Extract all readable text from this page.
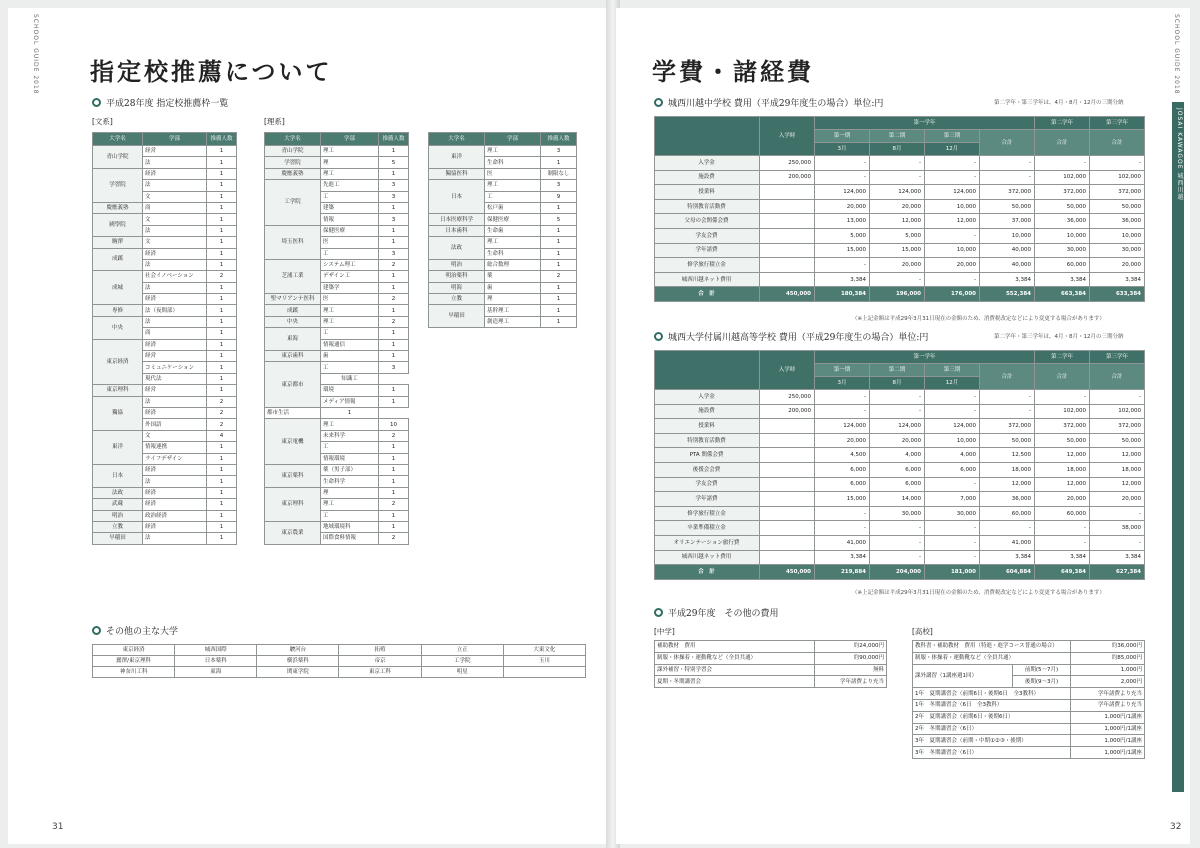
SCHOOL GUIDE 2018 指定校推薦について
平成28年度 指定校推薦枠一覧
[文系]	[理系]
大学名	学部	推薦人数
青山学院	経営	1
	法	1
学習院	経済	1
	法	1
	文	1
慶應義塾	商	1
國學院	文	1
	法	1
駒澤	文	1
成蹊	経済	1
	法	1
成城	社会イノベーション	2
	法	1
	経済	1
専修	法（夜間部）	1
中央	法	1
	商	1
東京経済	経済	1
	経営	1
	コミュニケーション	1
	現代法	1
東京理科	経営	1
獨協	法	2
	経済	2
	外国語	2
東洋	文	4
	情報連携	1
	ライフデザイン	1
日本	経済	1
	法	1
法政	経済	1
武蔵	経済	1
明治	政治経済	1
立教	経済	1
早稲田	法	1
大学名	学部	推薦人数
青山学院	理工	1
学習院	理	5
慶應義塾	理工	1
工学院	先進工	3
	工	3
	建築	1
	情報	3
埼玉医科	保健医療	1
	医	1
	工	3
芝浦工業	システム理工	2
	デザイン工	1
	建築学	1
聖マリアンナ医科	医	2
成蹊	理工	1
中央	理工	2
東海	工	1
	情報通信	1
東京歯科	歯	1
東京都市	工	3

	知識工	
	環境	1
	メディア情報	1
都市生活	1	
東京電機	理工	10
	未来科学	2
	工	1
	情報環境	1
東京薬科	薬（男子部）	1
	生命科学	1
東京理科	理	1
	理工	2
	工	1
東京農業	地域環境科	1
	国際食料情報	2
大学名	学部	推薦人数
東洋	理工	3
	生命科	1
獨協医科	医	制限なし
日本	理工	3
	工	9
	松戸歯	1
日本医療科学	保健医療	5
日本歯科	生命歯	1
法政	理工	1
	生命科	1
明治	総合数理	1
明治薬科	薬	2
明海	歯	1
立教	理	1
早稲田	基幹理工	1
	創造理工	1
その他の主な大学
東京経済	城西国際	駿河台	拓殖	立正	大東文化
麗澤/東京理科	日本薬科	横浜薬科	帝京	工学院	玉川
神奈川工科	東海	関東学院	東京工科	明星	
31
SCHOOL GUIDE 2018
JOSAI KAWAGOE 城西川越
学費・諸経費
城西川越中学校 費用（平成29年度生の場合）単位:円	第二学年・第三学年は、4月・8月・12月の三期分納
	入学時	第一学年				第二学年	第三学年
		第一期	第二期	第三期	合計	合計	合計
		3月	8月	12月			
入学金	250,000	-	-	-	-	-	-
施設費	200,000	-	-	-	-	102,000	102,000
授業料		124,000	124,000	124,000	372,000	372,000	372,000
特別教育活動費		20,000	20,000	10,000	50,000	50,000	50,000
父母の会関係会費		13,000	12,000	12,000	37,000	36,000	36,000
学友会費		5,000	5,000	-	10,000	10,000	10,000
学年諸費		15,000	15,000	10,000	40,000	30,000	30,000
修学旅行積立金		-	20,000	20,000	40,000	60,000	20,000
城西川越ネット費用		3,384	-	-	3,384	3,384	3,384
合　計	450,000	180,384	196,000	176,000	552,384	663,384	633,384
（※上記金額は平成29年3月31日現在の金額のため、消費税改定などにより変更する場合があります）
城西大学付属川越高等学校 費用（平成29年度生の場合）単位:円	第二学年・第三学年は、4月・8月・12月の三期分納
	入学時	第一学年				第二学年	第三学年
		第一期	第二期	第三期	合計	合計	合計
		3月	8月	12月			
入学金	250,000	-	-	-	-	-	-
施設費	200,000	-	-	-	-	102,000	102,000
授業料		124,000	124,000	124,000	372,000	372,000	372,000
特別教育活動費		20,000	20,000	10,000	50,000	50,000	50,000
PTA 関係会費		4,500	4,000	4,000	12,500	12,000	12,000
後援会会費		6,000	6,000	6,000	18,000	18,000	18,000
学友会費		6,000	6,000	-	12,000	12,000	12,000
学年諸費		15,000	14,000	7,000	36,000	20,000	20,000
修学旅行積立金		-	30,000	30,000	60,000	60,000	-
卒業準備積立金		-	-	-	-	-	38,000
オリエンテーション旅行費		41,000	-	-	41,000	-	-
城西川越ネット費用		3,384	-	-	3,384	3,384	3,384
合　計	450,000	219,884	204,000	181,000	604,884	649,384	627,384
（※上記金額は平成29年3月31日現在の金額のため、消費税改定などにより変更する場合があります）
平成29年度　その他の費用
[中学]	[高校]
補助教材　費用	約24,000円
制服・体操着・運動靴など（全員共通）	約90,000円
課外補習・特別学習会	無料
夏期・冬期講習会	学年諸費より充当
教科書・補助教材　費用（特進・進学コース普通の場合）		約36,000円
制服・体操着・運動靴など（全員共通）		約85,000円
課外講習（1講座週1回）	前期(5〜7月)	1,000円
	後期(9〜3月)	2,000円
1年　夏期講習会（前期6日・後期6日　全3教科）		学年諸費より充当
1年　冬期講習会（6日　全3教科）		学年諸費より充当
2年　夏期講習会（前期6日・後期6日）		1,000円/1講座
2年　冬期講習会（6日）		1,000円/1講座
3年　夏期講習会（前期・中期①②③・後期）		1,000円/1講座
3年　冬期講習会（6日）		1,000円/1講座
32
